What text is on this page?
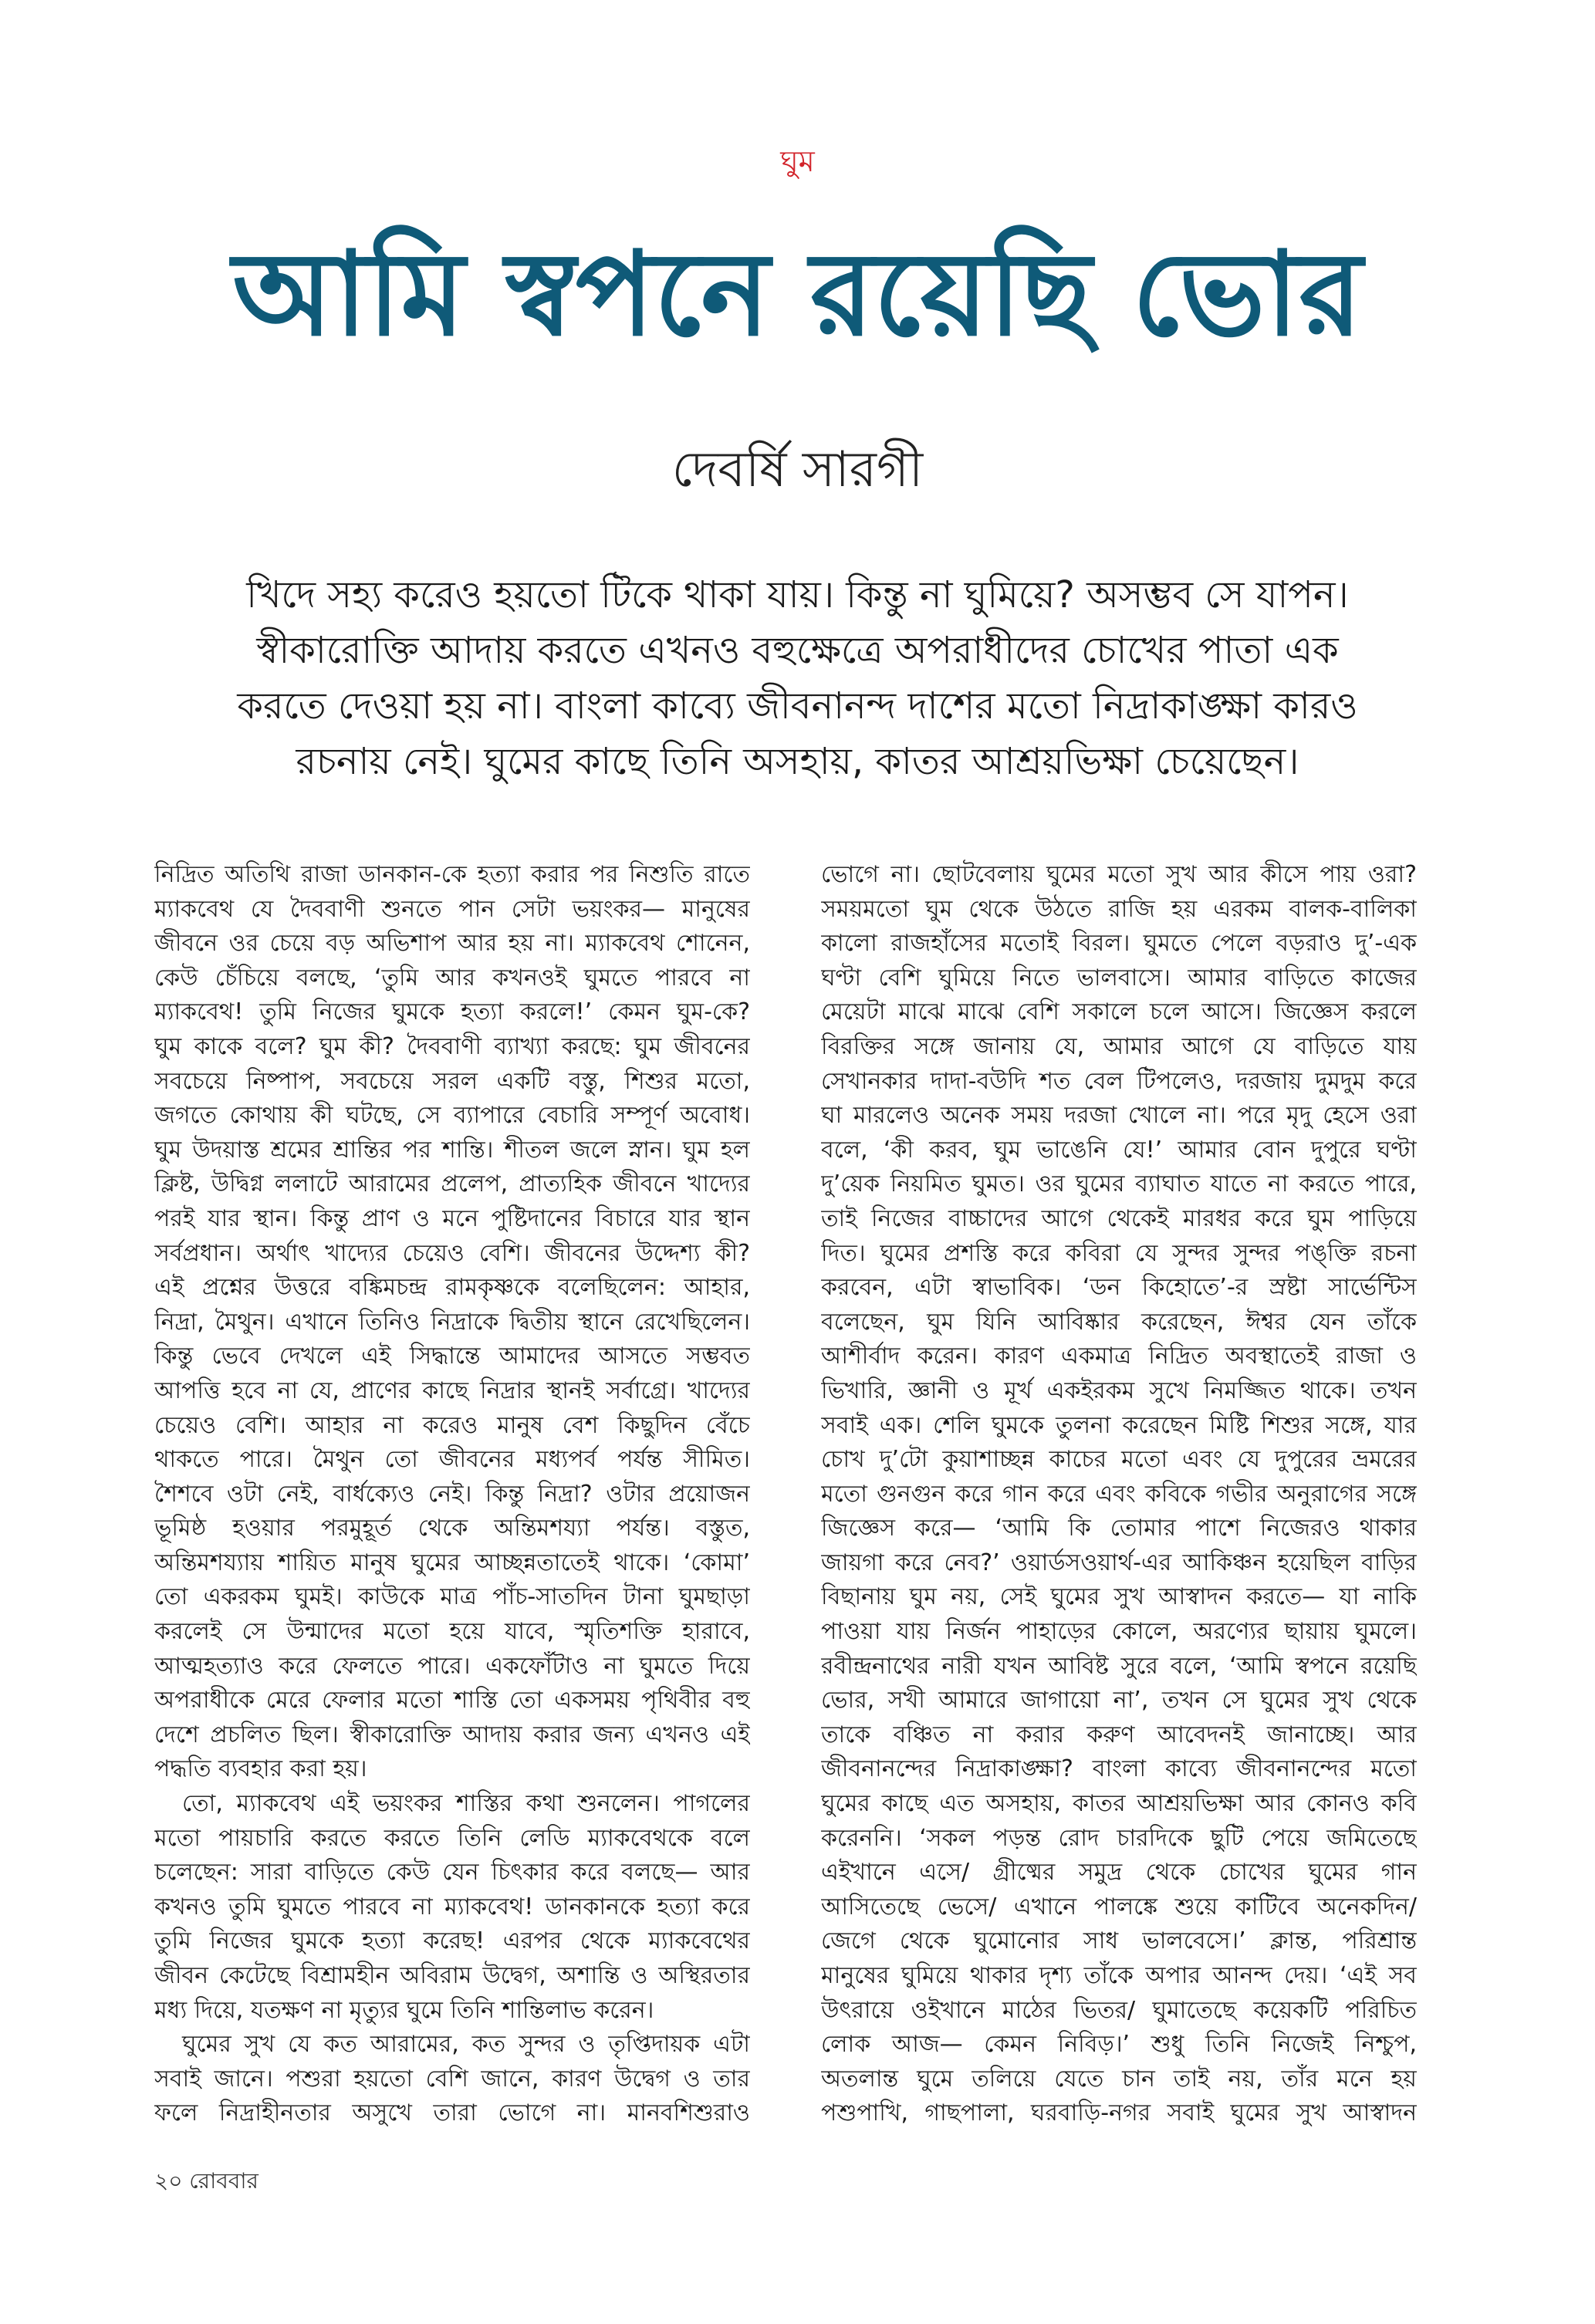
ঘুম
আমি স্বপনে রয়েছি ভোর
দেবর্ষি সারগী
খিদে সহ্য করেও হয়তো টিকে থাকা যায়। কিন্তু না ঘুমিয়ে? অসম্ভব সে যাপন।
স্বীকারোক্তি আদায় করতে এখনও বহুক্ষেত্রে অপরাধীদের চোখের পাতা এক
করতে দেওয়া হয় না। বাংলা কাব্যে জীবনানন্দ দাশের মতো নিদ্রাকাঙ্ক্ষা কারও
রচনায় নেই। ঘুমের কাছে তিনি অসহায়, কাতর আশ্রয়ভিক্ষা চেয়েছেন।
নিদ্রিত অতিথি রাজা ডানকান-কে হত্যা করার পর নিশুতি রাতে
ম্যাকবেথ যে দৈববাণী শুনতে পান সেটা ভয়ংকর— মানুষের
জীবনে ওর চেয়ে বড় অভিশাপ আর হয় না। ম্যাকবেথ শোনেন,
কেউ চেঁচিয়ে বলছে, ‘তুমি আর কখনওই ঘুমতে পারবে না
ম্যাকবেথ! তুমি নিজের ঘুমকে হত্যা করলে!’ কেমন ঘুম-কে?
ঘুম কাকে বলে? ঘুম কী? দৈববাণী ব্যাখ্যা করছে: ঘুম জীবনের
সবচেয়ে নিষ্পাপ, সবচেয়ে সরল একটি বস্তু, শিশুর মতো,
জগতে কোথায় কী ঘটছে, সে ব্যাপারে বেচারি সম্পূর্ণ অবোধ।
ঘুম উদয়াস্ত শ্রমের শ্রান্তির পর শান্তি। শীতল জলে স্নান। ঘুম হল
ক্লিষ্ট, উদ্বিগ্ন ললাটে আরামের প্রলেপ, প্রাত্যহিক জীবনে খাদ্যের
পরই যার স্থান। কিন্তু প্রাণ ও মনে পুষ্টিদানের বিচারে যার স্থান
সর্বপ্রধান। অর্থাৎ খাদ্যের চেয়েও বেশি। জীবনের উদ্দেশ্য কী?
এই প্রশ্নের উত্তরে বঙ্কিমচন্দ্র রামকৃষ্ণকে বলেছিলেন: আহার,
নিদ্রা, মৈথুন। এখানে তিনিও নিদ্রাকে দ্বিতীয় স্থানে রেখেছিলেন।
কিন্তু ভেবে দেখলে এই সিদ্ধান্তে আমাদের আসতে সম্ভবত
আপত্তি হবে না যে, প্রাণের কাছে নিদ্রার স্থানই সর্বাগ্রে। খাদ্যের
চেয়েও বেশি। আহার না করেও মানুষ বেশ কিছুদিন বেঁচে
থাকতে পারে। মৈথুন তো জীবনের মধ্যপর্ব পর্যন্ত সীমিত।
শৈশবে ওটা নেই, বার্ধক্যেও নেই। কিন্তু নিদ্রা? ওটার প্রয়োজন
ভূমিষ্ঠ হওয়ার পরমুহূর্ত থেকে অন্তিমশয্যা পর্যন্ত। বস্তুত,
অন্তিমশয্যায় শায়িত মানুষ ঘুমের আচ্ছন্নতাতেই থাকে। ‘কোমা’
তো একরকম ঘুমই। কাউকে মাত্র পাঁচ-সাতদিন টানা ঘুমছাড়া
করলেই সে উন্মাদের মতো হয়ে যাবে, স্মৃতিশক্তি হারাবে,
আত্মহত্যাও করে ফেলতে পারে। একফোঁটাও না ঘুমতে দিয়ে
অপরাধীকে মেরে ফেলার মতো শাস্তি তো একসময় পৃথিবীর বহু
দেশে প্রচলিত ছিল। স্বীকারোক্তি আদায় করার জন্য এখনও এই
পদ্ধতি ব্যবহার করা হয়।
তো, ম্যাকবেথ এই ভয়ংকর শাস্তির কথা শুনলেন। পাগলের
মতো পায়চারি করতে করতে তিনি লেডি ম্যাকবেথকে বলে
চলেছেন: সারা বাড়িতে কেউ যেন চিৎকার করে বলছে— আর
কখনও তুমি ঘুমতে পারবে না ম্যাকবেথ! ডানকানকে হত্যা করে
তুমি নিজের ঘুমকে হত্যা করেছ! এরপর থেকে ম্যাকবেথের
জীবন কেটেছে বিশ্রামহীন অবিরাম উদ্বেগ, অশান্তি ও অস্থিরতার
মধ্য দিয়ে, যতক্ষণ না মৃত্যুর ঘুমে তিনি শান্তিলাভ করেন।
ঘুমের সুখ যে কত আরামের, কত সুন্দর ও তৃপ্তিদায়ক এটা
সবাই জানে। পশুরা হয়তো বেশি জানে, কারণ উদ্বেগ ও তার
ফলে নিদ্রাহীনতার অসুখে তারা ভোগে না। মানবশিশুরাও
ভোগে না। ছোটবেলায় ঘুমের মতো সুখ আর কীসে পায় ওরা?
সময়মতো ঘুম থেকে উঠতে রাজি হয় এরকম বালক-বালিকা
কালো রাজহাঁসের মতোই বিরল। ঘুমতে পেলে বড়রাও দু’-এক
ঘণ্টা বেশি ঘুমিয়ে নিতে ভালবাসে। আমার বাড়িতে কাজের
মেয়েটা মাঝে মাঝে বেশি সকালে চলে আসে। জিজ্ঞেস করলে
বিরক্তির সঙ্গে জানায় যে, আমার আগে যে বাড়িতে যায়
সেখানকার দাদা-বউদি শত বেল টিপলেও, দরজায় দুমদুম করে
ঘা মারলেও অনেক সময় দরজা খোলে না। পরে মৃদু হেসে ওরা
বলে, ‘কী করব, ঘুম ভাঙেনি যে!’ আমার বোন দুপুরে ঘণ্টা
দু’য়েক নিয়মিত ঘুমত। ওর ঘুমের ব্যাঘাত যাতে না করতে পারে,
তাই নিজের বাচ্চাদের আগে থেকেই মারধর করে ঘুম পাড়িয়ে
দিত। ঘুমের প্রশস্তি করে কবিরা যে সুন্দর সুন্দর পঙ্‌ক্তি রচনা
করবেন, এটা স্বাভাবিক। ‘ডন কিহোতে’-র স্রষ্টা সার্ভেন্টিস
বলেছেন, ঘুম যিনি আবিষ্কার করেছেন, ঈশ্বর যেন তাঁকে
আশীর্বাদ করেন। কারণ একমাত্র নিদ্রিত অবস্থাতেই রাজা ও
ভিখারি, জ্ঞানী ও মূর্খ একইরকম সুখে নিমজ্জিত থাকে। তখন
সবাই এক। শেলি ঘুমকে তুলনা করেছেন মিষ্টি শিশুর সঙ্গে, যার
চোখ দু’টো কুয়াশাচ্ছন্ন কাচের মতো এবং যে দুপুরের ভ্রমরের
মতো গুনগুন করে গান করে এবং কবিকে গভীর অনুরাগের সঙ্গে
জিজ্ঞেস করে— ‘আমি কি তোমার পাশে নিজেরও থাকার
জায়গা করে নেব?’ ওয়ার্ডসওয়ার্থ-এর আকিঞ্চন হয়েছিল বাড়ির
বিছানায় ঘুম নয়, সেই ঘুমের সুখ আস্বাদন করতে— যা নাকি
পাওয়া যায় নির্জন পাহাড়ের কোলে, অরণ্যের ছায়ায় ঘুমলে।
রবীন্দ্রনাথের নারী যখন আবিষ্ট সুরে বলে, ‘আমি স্বপনে রয়েছি
ভোর, সখী আমারে জাগায়ো না’, তখন সে ঘুমের সুখ থেকে
তাকে বঞ্চিত না করার করুণ আবেদনই জানাচ্ছে। আর
জীবনানন্দের নিদ্রাকাঙ্ক্ষা? বাংলা কাব্যে জীবনানন্দের মতো
ঘুমের কাছে এত অসহায়, কাতর আশ্রয়ভিক্ষা আর কোনও কবি
করেননি। ‘সকল পড়ন্ত রোদ চারদিকে ছুটি পেয়ে জমিতেছে
এইখানে এসে/ গ্রীষ্মের সমুদ্র থেকে চোখের ঘুমের গান
আসিতেছে ভেসে/ এখানে পালঙ্কে শুয়ে কাটিবে অনেকদিন/
জেগে থেকে ঘুমোনোর সাধ ভালবেসে।’ ক্লান্ত, পরিশ্রান্ত
মানুষের ঘুমিয়ে থাকার দৃশ্য তাঁকে অপার আনন্দ দেয়। ‘এই সব
উৎরায়ে ওইখানে মাঠের ভিতর/ ঘুমাতেছে কয়েকটি পরিচিত
লোক আজ— কেমন নিবিড়।’ শুধু তিনি নিজেই নিশ্চুপ,
অতলান্ত ঘুমে তলিয়ে যেতে চান তাই নয়, তাঁর মনে হয়
পশুপাখি, গাছপালা, ঘরবাড়ি-নগর সবাই ঘুমের সুখ আস্বাদন
২০ রোববার
